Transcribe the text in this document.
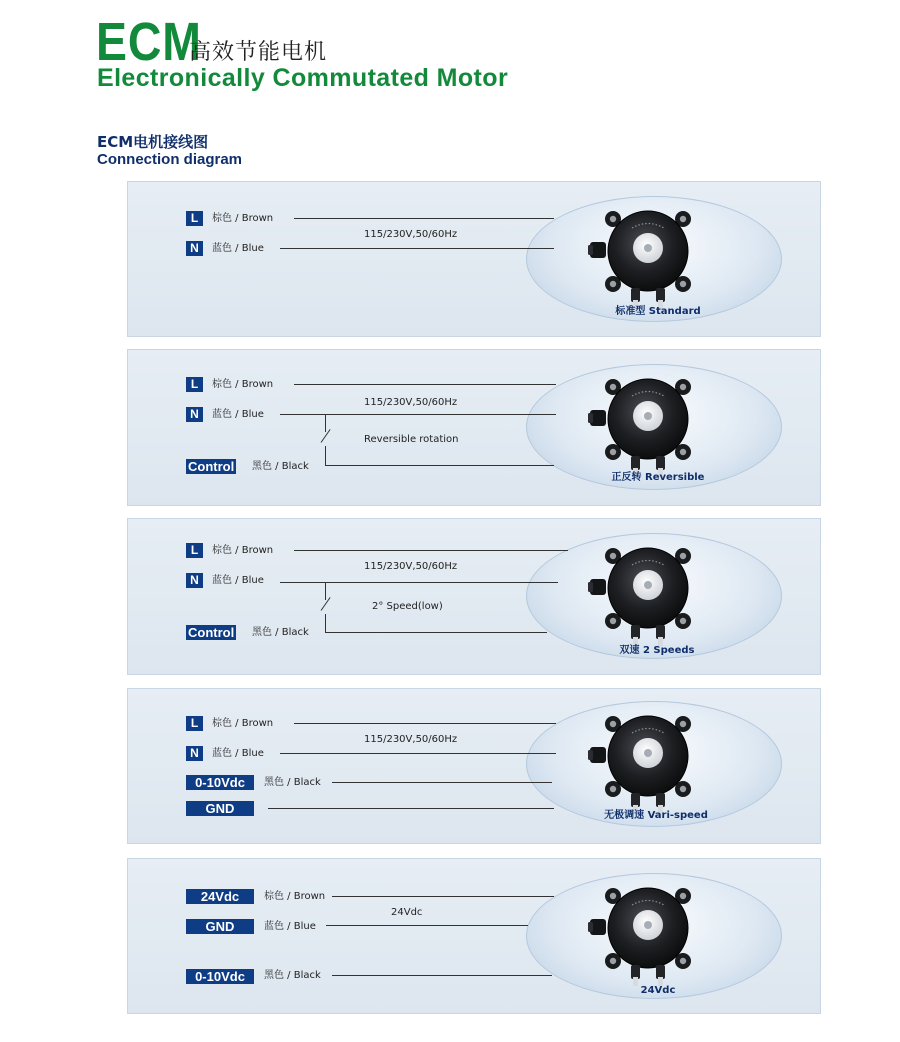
ECM
高效节能电机
Electronically Commutated Motor
ECM电机接线图
Connection diagram
标准型 Standard
L	棕色 / Brown
N	蓝色 / Blue
115/230V,50/60Hz
正反转 Reversible
L	棕色 / Brown
N	蓝色 / Blue
115/230V,50/60Hz
Reversible rotation
Control 黑色 / Black
双速 2 Speeds
L	棕色 / Brown
N	蓝色 / Blue
115/230V,50/60Hz
2° Speed(low)
Control 黑色 / Black
无极调速 Vari-speed
L	棕色 / Brown
N	蓝色 / Blue
115/230V,50/60Hz
0-10Vdc	黑色 / Black
GND
24Vdc
24Vdc	棕色 / Brown
GND	蓝色 / Blue
24Vdc
0-10Vdc	黑色 / Black
